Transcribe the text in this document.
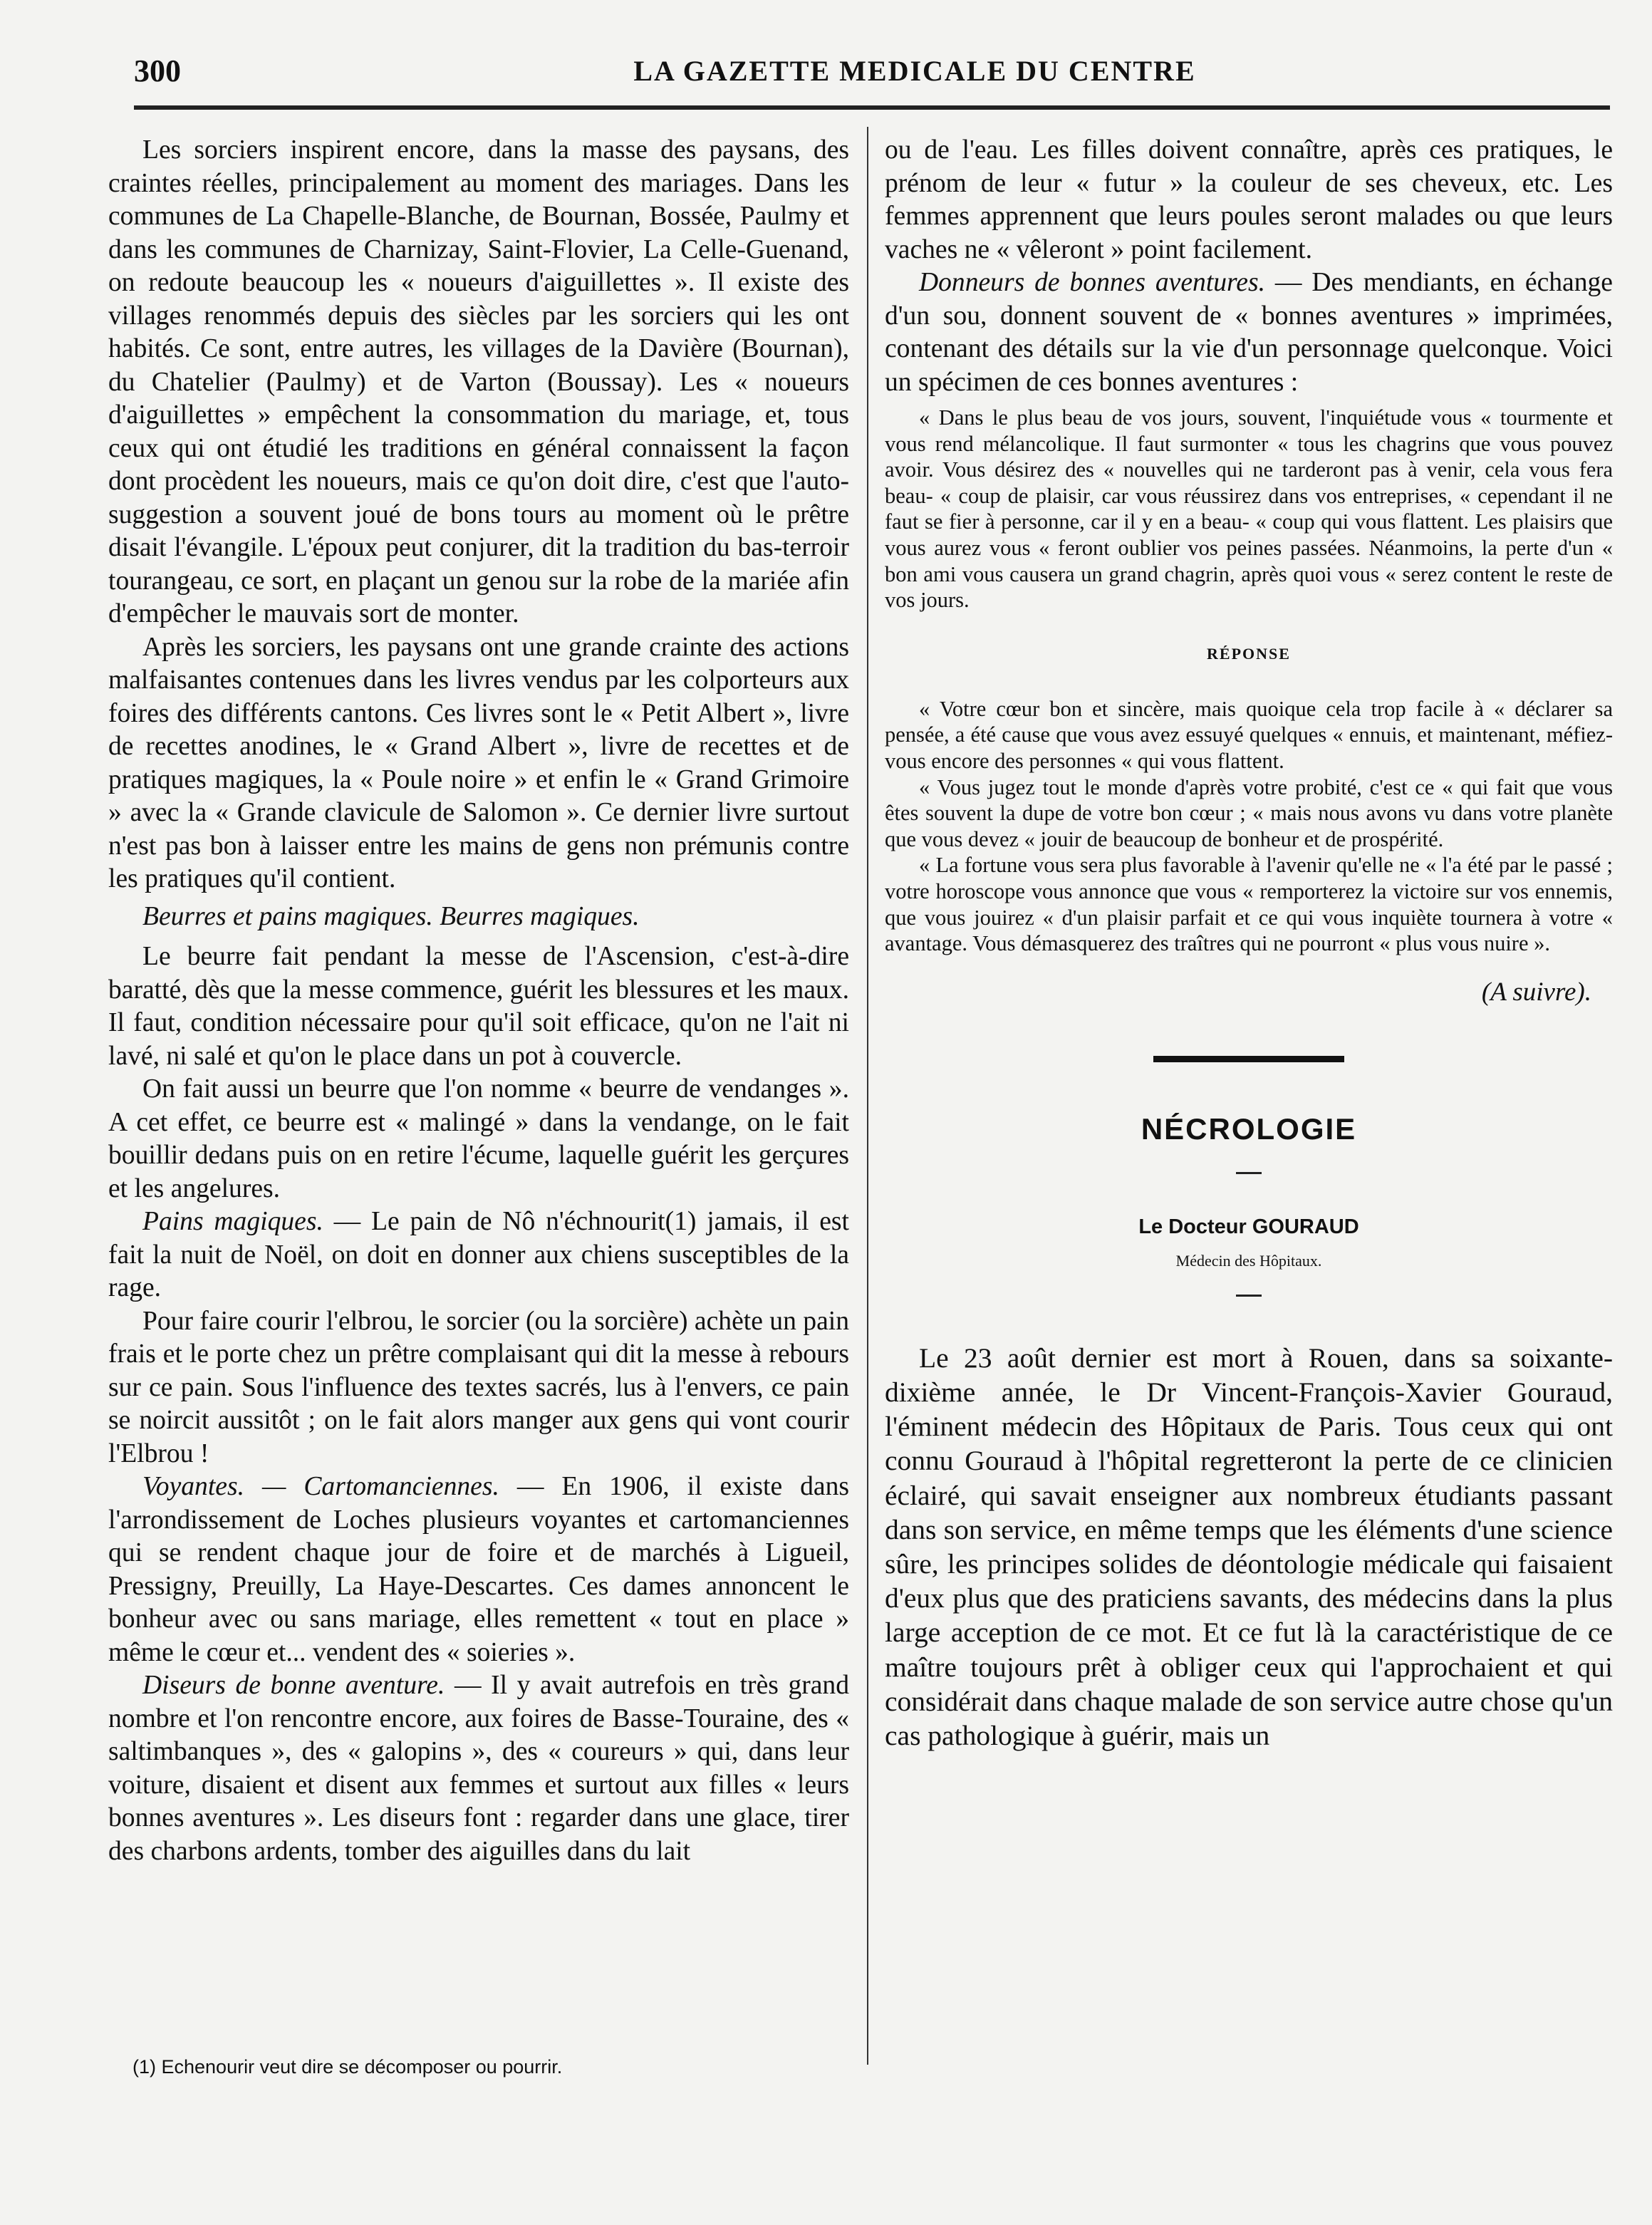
300	LA GAZETTE MEDICALE DU CENTRE

Les sorciers inspirent encore, dans la masse des paysans, des craintes réelles, principalement au moment des mariages. Dans les communes de La Chapelle-Blanche, de Bournan, Bossée, Paulmy et dans les communes de Charnizay, Saint-Flovier, La Celle-Guenand, on redoute beaucoup les « noueurs d'aiguillettes ». Il existe des villages renommés depuis des siècles par les sorciers qui les ont habités. Ce sont, entre autres, les villages de la Davière (Bournan), du Chatelier (Paulmy) et de Varton (Boussay). Les « noueurs d'aiguillettes » empêchent la consommation du mariage, et, tous ceux qui ont étudié les traditions en général connaissent la façon dont procèdent les noueurs, mais ce qu'on doit dire, c'est que l'auto-suggestion a souvent joué de bons tours au moment où le prêtre disait l'évangile. L'époux peut conjurer, dit la tradition du bas-terroir tourangeau, ce sort, en plaçant un genou sur la robe de la mariée afin d'empêcher le mauvais sort de monter.

Après les sorciers, les paysans ont une grande crainte des actions malfaisantes contenues dans les livres vendus par les colporteurs aux foires des différents cantons. Ces livres sont le « Petit Albert », livre de recettes anodines, le « Grand Albert », livre de recettes et de pratiques magiques, la « Poule noire » et enfin le « Grand Grimoire » avec la « Grande clavicule de Salomon ». Ce dernier livre surtout n'est pas bon à laisser entre les mains de gens non prémunis contre les pratiques qu'il contient.

Beurres et pains magiques. Beurres magiques.

Le beurre fait pendant la messe de l'Ascension, c'est-à-dire baratté, dès que la messe commence, guérit les blessures et les maux. Il faut, condition nécessaire pour qu'il soit efficace, qu'on ne l'ait ni lavé, ni salé et qu'on le place dans un pot à couvercle.

On fait aussi un beurre que l'on nomme « beurre de vendanges ». A cet effet, ce beurre est « malingé » dans la vendange, on le fait bouillir dedans puis on en retire l'écume, laquelle guérit les gerçures et les angelures.

Pains magiques. — Le pain de Nô n'échnourit(1) jamais, il est fait la nuit de Noël, on doit en donner aux chiens susceptibles de la rage.

Pour faire courir l'elbrou, le sorcier (ou la sorcière) achète un pain frais et le porte chez un prêtre complaisant qui dit la messe à rebours sur ce pain. Sous l'influence des textes sacrés, lus à l'envers, ce pain se noircit aussitôt ; on le fait alors manger aux gens qui vont courir l'Elbrou !

Voyantes. — Cartomanciennes. — En 1906, il existe dans l'arrondissement de Loches plusieurs voyantes et cartomanciennes qui se rendent chaque jour de foire et de marchés à Ligueil, Pressigny, Preuilly, La Haye-Descartes. Ces dames annoncent le bonheur avec ou sans mariage, elles remettent « tout en place » même le cœur et... vendent des « soieries ».

Diseurs de bonne aventure. — Il y avait autrefois en très grand nombre et l'on rencontre encore, aux foires de Basse-Touraine, des « saltimbanques », des « galopins », des « coureurs » qui, dans leur voiture, disaient et disent aux femmes et surtout aux filles « leurs bonnes aventures ». Les diseurs font : regarder dans une glace, tirer des charbons ardents, tomber des aiguilles dans du lait

ou de l'eau. Les filles doivent connaître, après ces pratiques, le prénom de leur « futur » la couleur de ses cheveux, etc. Les femmes apprennent que leurs poules seront malades ou que leurs vaches ne « vêleront » point facilement.

Donneurs de bonnes aventures. — Des mendiants, en échange d'un sou, donnent souvent de « bonnes aventures » imprimées, contenant des détails sur la vie d'un personnage quelconque. Voici un spécimen de ces bonnes aventures :

« Dans le plus beau de vos jours, souvent, l'inquiétude vous « tourmente et vous rend mélancolique. Il faut surmonter « tous les chagrins que vous pouvez avoir. Vous désirez des « nouvelles qui ne tarderont pas à venir, cela vous fera beau- « coup de plaisir, car vous réussirez dans vos entreprises, « cependant il ne faut se fier à personne, car il y en a beau- « coup qui vous flattent. Les plaisirs que vous aurez vous « feront oublier vos peines passées. Néanmoins, la perte d'un « bon ami vous causera un grand chagrin, après quoi vous « serez content le reste de vos jours.

RÉPONSE

« Votre cœur bon et sincère, mais quoique cela trop facile à « déclarer sa pensée, a été cause que vous avez essuyé quelques « ennuis, et maintenant, méfiez-vous encore des personnes « qui vous flattent.

« Vous jugez tout le monde d'après votre probité, c'est ce « qui fait que vous êtes souvent la dupe de votre bon cœur ; « mais nous avons vu dans votre planète que vous devez « jouir de beaucoup de bonheur et de prospérité.

« La fortune vous sera plus favorable à l'avenir qu'elle ne « l'a été par le passé ; votre horoscope vous annonce que vous « remporterez la victoire sur vos ennemis, que vous jouirez « d'un plaisir parfait et ce qui vous inquiète tournera à votre « avantage. Vous démasquerez des traîtres qui ne pourront « plus vous nuire ».

(A suivre).
NÉCROLOGIE
Le Docteur GOURAUD
Médecin des Hôpitaux.

Le 23 août dernier est mort à Rouen, dans sa soixante-dixième année, le Dr Vincent-François-Xavier Gouraud, l'éminent médecin des Hôpitaux de Paris. Tous ceux qui ont connu Gouraud à l'hôpital regretteront la perte de ce clinicien éclairé, qui savait enseigner aux nombreux étudiants passant dans son service, en même temps que les éléments d'une science sûre, les principes solides de déontologie médicale qui faisaient d'eux plus que des praticiens savants, des médecins dans la plus large acception de ce mot. Et ce fut là la caractéristique de ce maître toujours prêt à obliger ceux qui l'approchaient et qui considérait dans chaque malade de son service autre chose qu'un cas pathologique à guérir, mais un

(1) Echenourir veut dire se décomposer ou pourrir.
